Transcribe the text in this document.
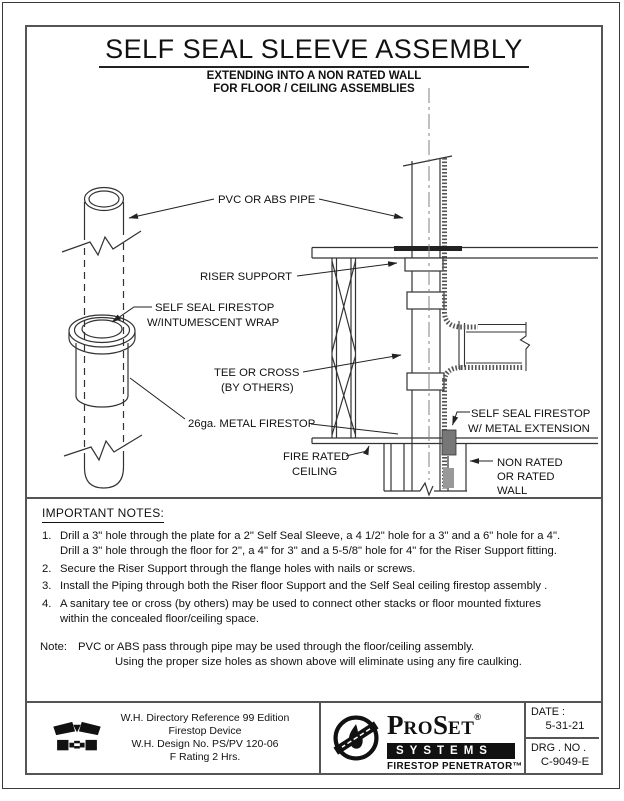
SELF SEAL SLEEVE ASSEMBLY
EXTENDING INTO A NON RATED WALL
FOR FLOOR / CEILING ASSEMBLIES
PVC OR ABS PIPE
RISER SUPPORT
SELF SEAL FIRESTOP
W/INTUMESCENT WRAP
TEE OR CROSS
(BY OTHERS)
26ga. METAL FIRESTOP
FIRE RATED
CEILING
SELF SEAL FIRESTOP
W/ METAL EXTENSION
NON RATED
OR RATED
WALL
IMPORTANT NOTES:
1. Drill a 3" hole through the plate for a 2" Self Seal Sleeve, a 4 1/2" hole for a 3" and a 6" hole for a 4".
Drill a 3" hole through the floor for 2", a 4" for 3" and a 5-5/8" hole for 4" for the Riser Support fitting.
2. Secure the Riser Support through the flange holes with nails or screws.
3. Install the Piping through both the Riser floor Support and the Self Seal ceiling firestop assembly .
4. A sanitary tee or cross (by others) may be used to connect other stacks or floor mounted fixtures
within the concealed floor/ceiling space.
Note: PVC or ABS pass through pipe may be used through the floor/ceiling assembly.
Using the proper size holes as shown above will eliminate using any fire caulking.
W.H. Directory Reference 99 Edition
Firestop Device
W.H. Design No. PS/PV 120-06
F Rating 2 Hrs.
PROSET®
SYSTEMS
FIRESTOP PENETRATOR™
DATE :
5-31-21
DRG . NO .
C-9049-E
